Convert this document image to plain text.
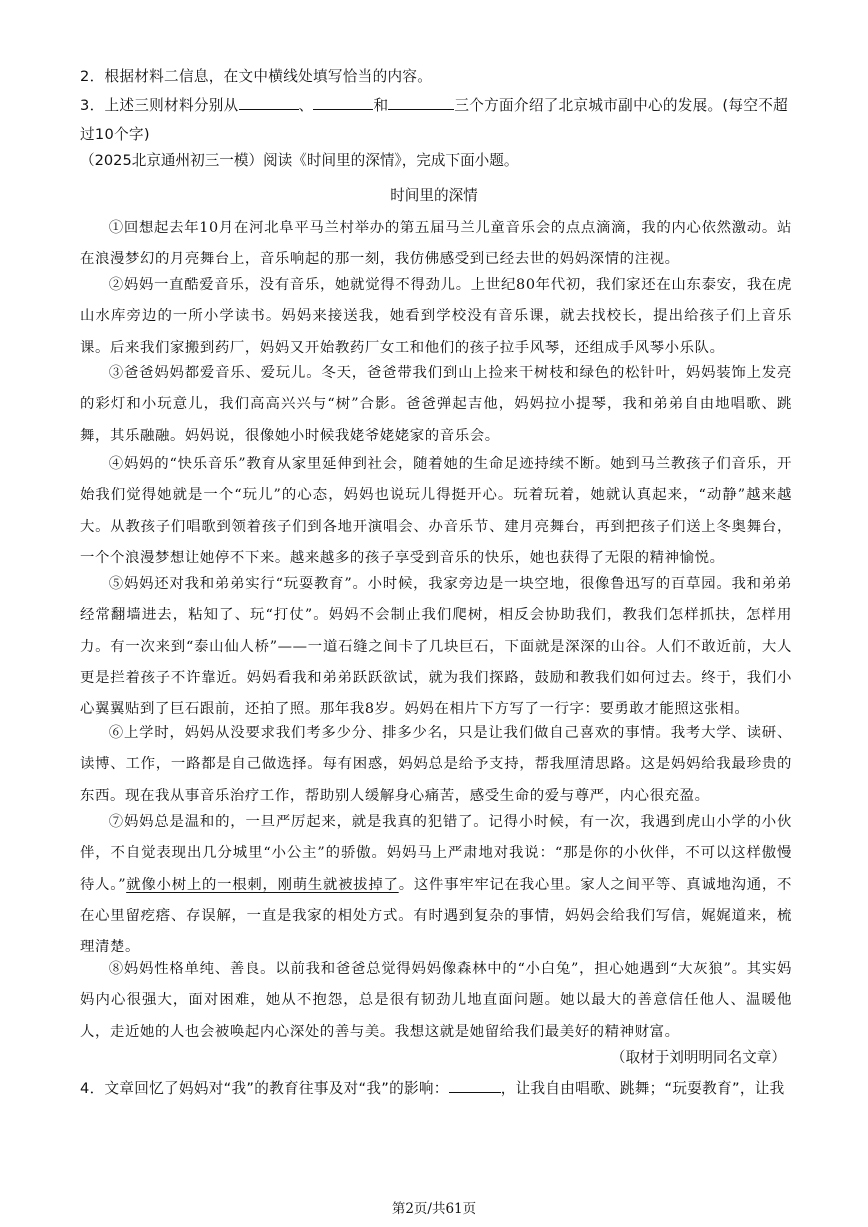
2．根据材料二信息，在文中横线处填写恰当的内容。
3．上述三则材料分别从	、	和	三个方面介绍了北京城市副中心的发展。(每空不超过10个字)
（2025北京通州初三一模）阅读《时间里的深情》，完成下面小题。
时间里的深情
①回想起去年10月在河北阜平马兰村举办的第五届马兰儿童音乐会的点点滴滴，我的内心依然激动。站在浪漫梦幻的月亮舞台上，音乐响起的那一刻，我仿佛感受到已经去世的妈妈深情的注视。
②妈妈一直酷爱音乐，没有音乐，她就觉得不得劲儿。上世纪80年代初，我们家还在山东泰安，我在虎山水库旁边的一所小学读书。妈妈来接送我，她看到学校没有音乐课，就去找校长，提出给孩子们上音乐课。后来我们家搬到药厂，妈妈又开始教药厂女工和他们的孩子拉手风琴，还组成手风琴小乐队。
③爸爸妈妈都爱音乐、爱玩儿。冬天，爸爸带我们到山上捡来干树枝和绿色的松针叶，妈妈装饰上发亮的彩灯和小玩意儿，我们高高兴兴与“树”合影。爸爸弹起吉他，妈妈拉小提琴，我和弟弟自由地唱歌、跳舞，其乐融融。妈妈说，很像她小时候我姥爷姥姥家的音乐会。
④妈妈的“快乐音乐”教育从家里延伸到社会，随着她的生命足迹持续不断。她到马兰教孩子们音乐，开始我们觉得她就是一个“玩儿”的心态，妈妈也说玩儿得挺开心。玩着玩着，她就认真起来，“动静”越来越大。从教孩子们唱歌到领着孩子们到各地开演唱会、办音乐节、建月亮舞台，再到把孩子们送上冬奥舞台，一个个浪漫梦想让她停不下来。越来越多的孩子享受到音乐的快乐，她也获得了无限的精神愉悦。
⑤妈妈还对我和弟弟实行“玩耍教育”。小时候，我家旁边是一块空地，很像鲁迅写的百草园。我和弟弟经常翻墙进去，粘知了、玩“打仗”。妈妈不会制止我们爬树，相反会协助我们，教我们怎样抓扶，怎样用力。有一次来到“泰山仙人桥”——一道石缝之间卡了几块巨石，下面就是深深的山谷。人们不敢近前，大人更是拦着孩子不许靠近。妈妈看我和弟弟跃跃欲试，就为我们探路，鼓励和教我们如何过去。终于，我们小心翼翼贴到了巨石跟前，还拍了照。那年我8岁。妈妈在相片下方写了一行字：要勇敢才能照这张相。
⑥上学时，妈妈从没要求我们考多少分、排多少名，只是让我们做自己喜欢的事情。我考大学、读研、读博、工作，一路都是自己做选择。每有困惑，妈妈总是给予支持，帮我厘清思路。这是妈妈给我最珍贵的东西。现在我从事音乐治疗工作，帮助别人缓解身心痛苦，感受生命的爱与尊严，内心很充盈。
⑦妈妈总是温和的，一旦严厉起来，就是我真的犯错了。记得小时候，有一次，我遇到虎山小学的小伙伴，不自觉表现出几分城里“小公主”的骄傲。妈妈马上严肃地对我说：“那是你的小伙伴，不可以这样傲慢待人。”就像小树上的一根刺，刚萌生就被拔掉了。这件事牢牢记在我心里。家人之间平等、真诚地沟通，不在心里留疙瘩、存误解，一直是我家的相处方式。有时遇到复杂的事情，妈妈会给我们写信，娓娓道来，梳理清楚。
⑧妈妈性格单纯、善良。以前我和爸爸总觉得妈妈像森林中的“小白兔”，担心她遇到“大灰狼”。其实妈妈内心很强大，面对困难，她从不抱怨，总是很有韧劲儿地直面问题。她以最大的善意信任他人、温暖他人，走近她的人也会被唤起内心深处的善与美。我想这就是她留给我们最美好的精神财富。
（取材于刘明明同名文章）
4．文章回忆了妈妈对“我”的教育往事及对“我”的影响：	，让我自由唱歌、跳舞；“玩耍教育”，让我
第2页/共61页
